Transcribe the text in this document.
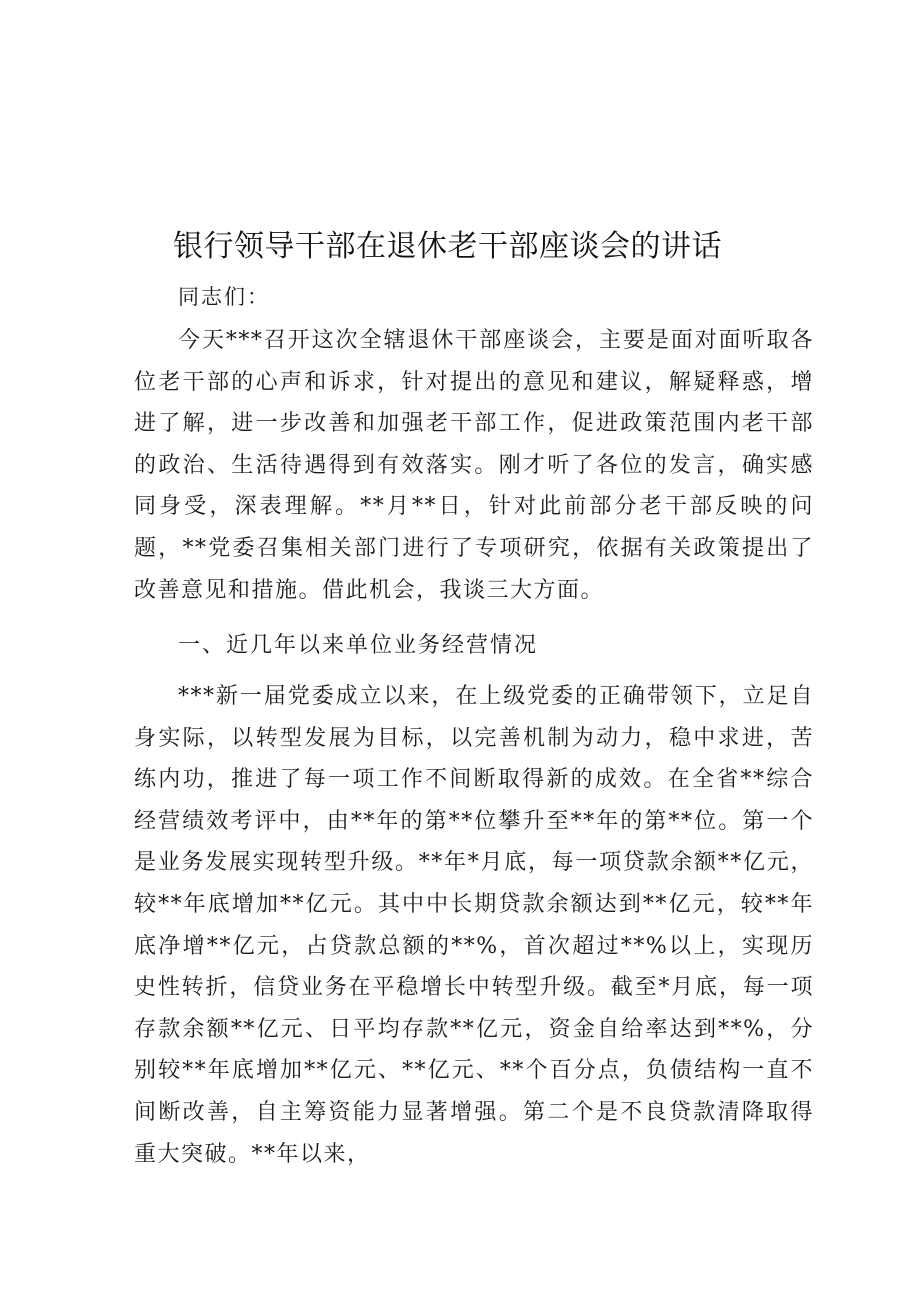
银行领导干部在退休老干部座谈会的讲话
同志们：

今天***召开这次全辖退休干部座谈会，主要是面对面听取各位老干部的心声和诉求，针对提出的意见和建议，解疑释惑，增进了解，进一步改善和加强老干部工作，促进政策范围内老干部的政治、生活待遇得到有效落实。刚才听了各位的发言，确实感同身受，深表理解。**月**日，针对此前部分老干部反映的问题，**党委召集相关部门进行了专项研究，依据有关政策提出了改善意见和措施。借此机会，我谈三大方面。

一、近几年以来单位业务经营情况

***新一届党委成立以来，在上级党委的正确带领下，立足自身实际，以转型发展为目标，以完善机制为动力，稳中求进，苦练内功，推进了每一项工作不间断取得新的成效。在全省**综合经营绩效考评中，由**年的第**位攀升至**年的第**位。第一个是业务发展实现转型升级。**年*月底，每一项贷款余额**亿元，较**年底增加**亿元。其中中长期贷款余额达到**亿元，较**年底净增**亿元，占贷款总额的**%，首次超过**%以上，实现历史性转折，信贷业务在平稳增长中转型升级。截至*月底，每一项存款余额**亿元、日平均存款**亿元，资金自给率达到**%，分别较**年底增加**亿元、**亿元、**个百分点，负债结构一直不间断改善，自主筹资能力显著增强。第二个是不良贷款清降取得重大突破。**年以来，
